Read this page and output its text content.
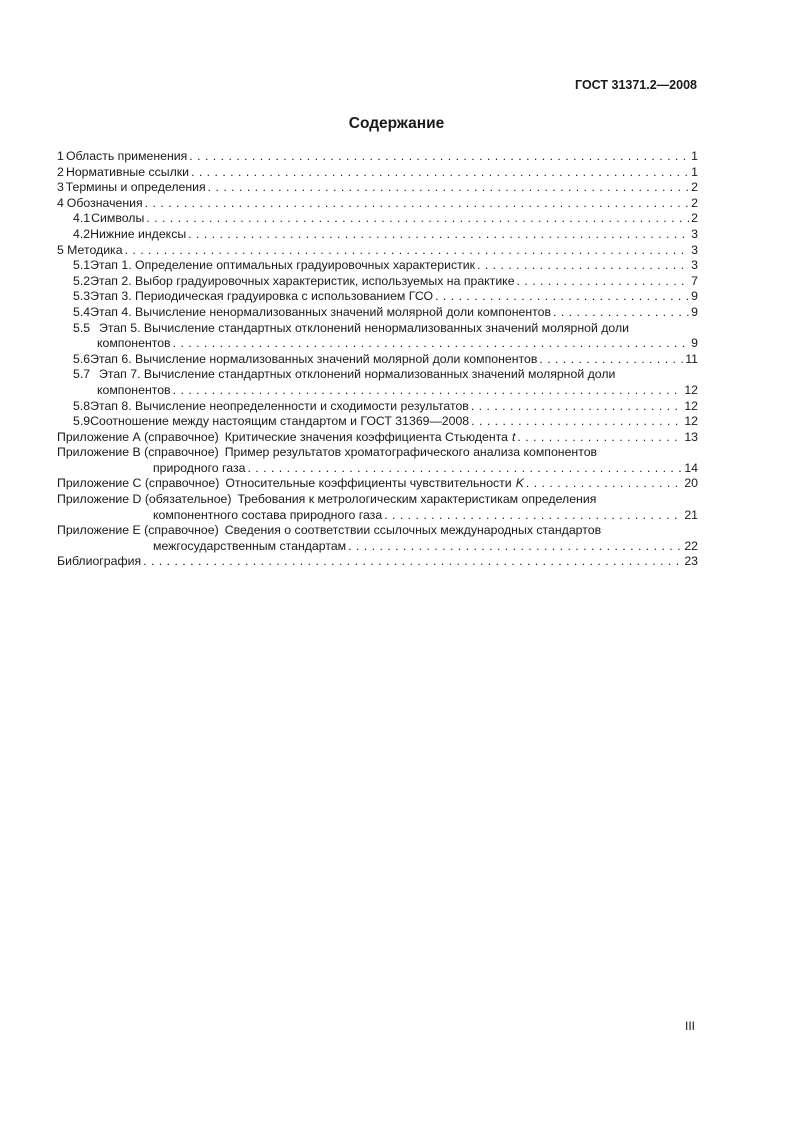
ГОСТ 31371.2—2008
Содержание
1 Область применения . . .	1
2 Нормативные ссылки . . .	1
3 Термины и определения . . .	2
4 Обозначения . . .	2
4.1 Символы . . .	2
4.2 Нижние индексы . . .	3
5 Методика . . .	3
5.1 Этап 1. Определение оптимальных градуировочных характеристик . . .	3
5.2 Этап 2. Выбор градуировочных характеристик, используемых на практике . . .	7
5.3 Этап 3. Периодическая градуировка с использованием ГСО . . .	9
5.4 Этап 4. Вычисление ненормализованных значений молярной доли компонентов . . .	9
5.5 Этап 5. Вычисление стандартных отклонений ненормализованных значений молярной доли
компонентов . . .	9
5.6 Этап 6. Вычисление нормализованных значений молярной доли компонентов . . .	11
5.7 Этап 7. Вычисление стандартных отклонений нормализованных значений молярной доли
компонентов . . .	12
5.8 Этап 8. Вычисление неопределенности и сходимости результатов . . .	12
5.9 Соотношение между настоящим стандартом и ГОСТ 31369—2008 . . .	12
Приложение А (справочное) Критические значения коэффициента Стьюдента t . . .	13
Приложение В (справочное) Пример результатов хроматографического анализа компонентов
природного газа . . .	14
Приложение С (справочное) Относительные коэффициенты чувствительности K . . .	20
Приложение D (обязательное) Требования к метрологическим характеристикам определения
компонентного состава природного газа . . .	21
Приложение Е (справочное) Сведения о соответствии ссылочных международных стандартов
межгосударственным стандартам . . .	22
Библиография . . .	23
III
